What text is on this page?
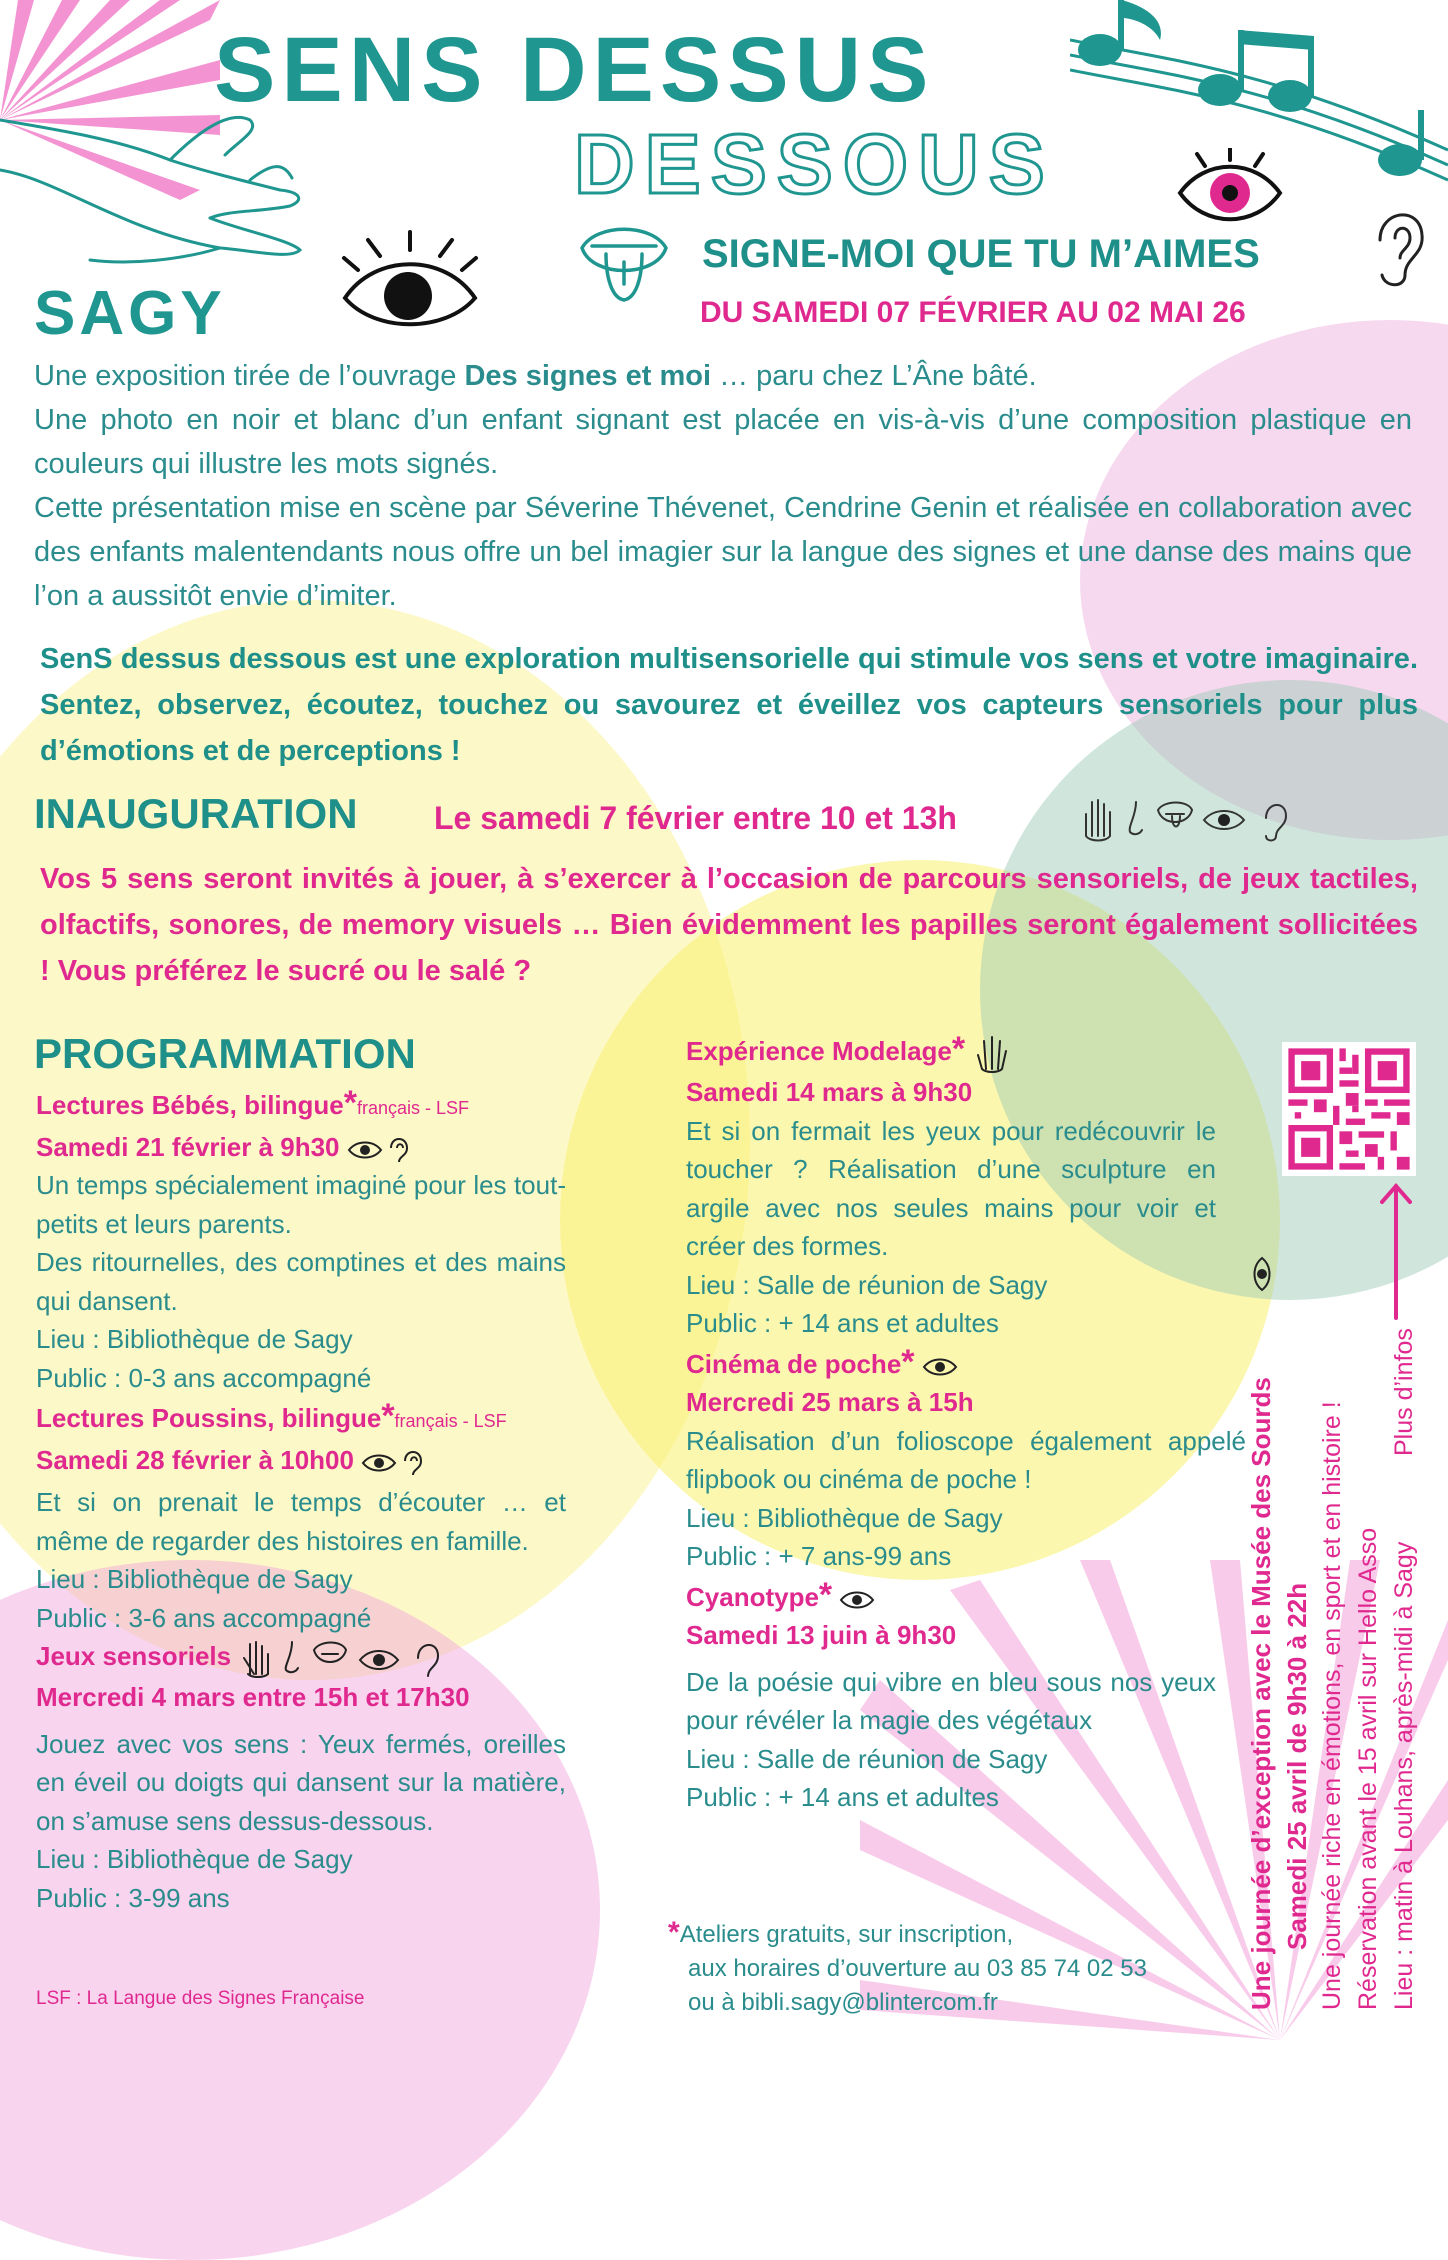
SENS DESSUS
DESSOUS
SAGY
SIGNE-MOI QUE TU M’AIMES
DU SAMEDI 07 FÉVRIER AU 02 MAI 26

Une exposition tirée de l’ouvrage Des signes et moi … paru chez L’Âne bâté.

Une photo en noir et blanc d’un enfant signant est placée en vis-à-vis d’une composition plastique en couleurs qui illustre les mots signés.

Cette présentation mise en scène par Séverine Thévenet, Cendrine Genin et réalisée en collaboration avec des enfants malentendants nous offre un bel imagier sur la langue des signes et une danse des mains que l’on a aussitôt envie d’imiter.

SenS dessus dessous est une exploration multisensorielle qui stimule vos sens et votre imaginaire. Sentez, observez, écoutez, touchez ou savourez et éveillez vos capteurs sensoriels pour plus d’émotions et de perceptions !
INAUGURATION Le samedi 7 février entre 10 et 13h
Vos 5 sens seront invités à jouer, à s’exercer à l’occasion de parcours sensoriels, de jeux tactiles, olfactifs, sonores, de memory visuels … Bien évidemment les papilles seront également sollicitées ! Vous préférez le sucré ou le salé ?
PROGRAMMATION
Lectures Bébés, bilingue*français - LSF
Samedi 21 février à 9h30

Un temps spécialement imaginé pour les tout-petits et leurs parents.

Des ritournelles, des comptines et des mains qui dansent.

Lieu : Bibliothèque de Sagy

Public : 0-3 ans accompagné

Lectures Poussins, bilingue*français - LSF
Samedi 28 février à 10h00

Et si on prenait le temps d’écouter … et même de regarder des histoires en famille.

Lieu : Bibliothèque de Sagy

Public : 3-6 ans accompagné

Jeux sensoriels
Mercredi 4 mars entre 15h et 17h30

Jouez avec vos sens : Yeux fermés, oreilles en éveil ou doigts qui dansent sur la matière, on s’amuse sens dessus-dessous.

Lieu : Bibliothèque de Sagy

Public : 3-99 ans

Expérience Modelage*
Samedi 14 mars à 9h30

Et si on fermait les yeux pour redécouvrir le toucher ? Réalisation d’une sculpture en argile avec nos seules mains pour voir et créer des formes.

Lieu : Salle de réunion de Sagy

Public : + 14 ans et adultes

Cinéma de poche*
Mercredi 25 mars à 15h

Réalisation d’un folioscope également appelé flipbook ou cinéma de poche !

Lieu : Bibliothèque de Sagy

Public : + 7 ans-99 ans

Cyanotype*
Samedi 13 juin à 9h30

De la poésie qui vibre en bleu sous nos yeux pour révéler la magie des végétaux

Lieu : Salle de réunion de Sagy

Public : + 14 ans et adultes	Une journée d’exception avec le Musée des Sourds Samedi 25 avril de 9h30 à 22h Une journée riche en émotions, en sport et en histoire ! Réservation avant le 15 avril sur Hello Asso Lieu : matin à Louhans, après-midi à Sagy
Plus d’infos
*Ateliers gratuits, sur inscription,
aux horaires d’ouverture au 03 85 74 02 53
ou à bibli.sagy@blintercom.fr
LSF : La Langue des Signes Française
